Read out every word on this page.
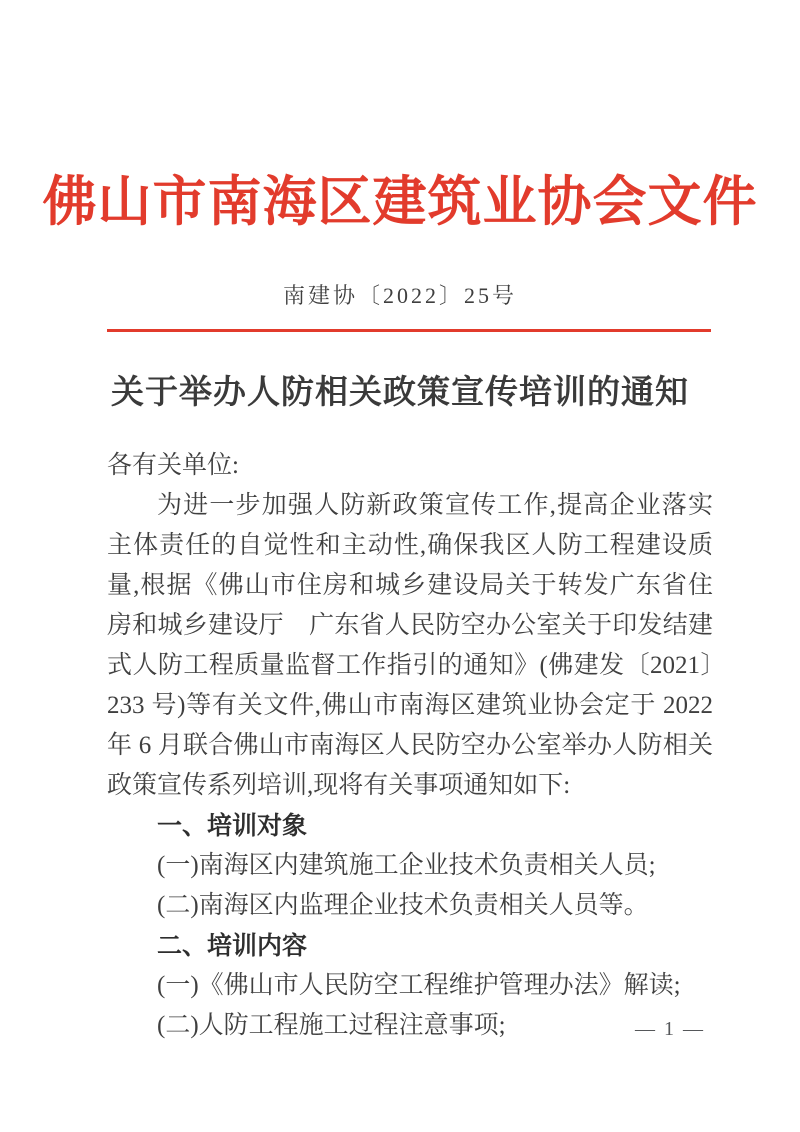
佛山市南海区建筑业协会文件
南建协〔2022〕25号
关于举办人防相关政策宣传培训的通知

各有关单位:

为进一步加强人防新政策宣传工作,提高企业落实主体责任的自觉性和主动性,确保我区人防工程建设质量,根据《佛山市住房和城乡建设局关于转发广东省住房和城乡建设厅　广东省人民防空办公室关于印发结建式人防工程质量监督工作指引的通知》(佛建发〔2021〕233 号)等有关文件,佛山市南海区建筑业协会定于 2022 年 6 月联合佛山市南海区人民防空办公室举办人防相关政策宣传系列培训,现将有关事项通知如下:

一、培训对象

(一)南海区内建筑施工企业技术负责相关人员;

(二)南海区内监理企业技术负责相关人员等。

二、培训内容

(一)《佛山市人民防空工程维护管理办法》解读;

(二)人防工程施工过程注意事项;	— 1 —
